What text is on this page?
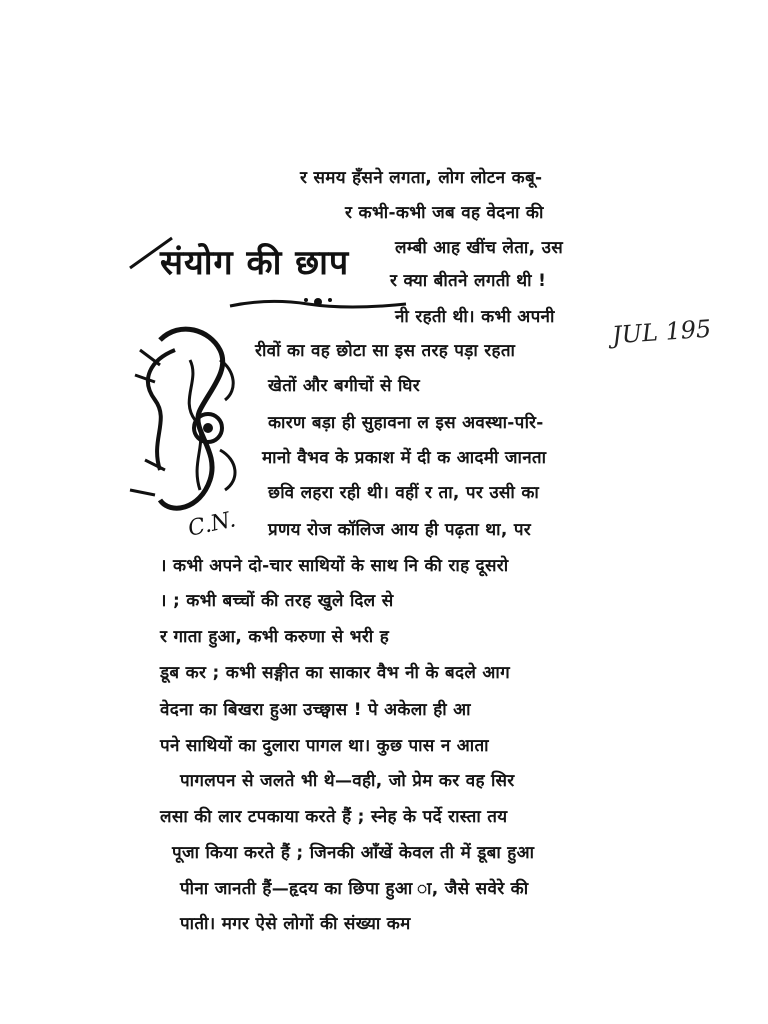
संयोग की छाप
JUL 195
C.N.
र समय हँसने लगता, लोग लोटन कबू-
र कभी-कभी जब वह वेदना की
लम्बी आह खींच लेता, उस
र क्या बीतने लगती थी !
नी रहती थी। कभी अपनी
रीवों का वह छोटा सा इस तरह पड़ा रहता
खेतों और बगीचों से घिर
कारण बड़ा ही सुहावना ल इस अवस्था-परि-
मानो वैभव के प्रकाश में दी क आदमी जानता
छवि लहरा रही थी। वहीं र ता, पर उसी का
प्रणय रोज कॉलिज आय ही पढ़ता था, पर
। कभी अपने दो-चार साथियों के साथ नि की राह दूसरो
। ; कभी बच्चों की तरह खुले दिल से
र गाता हुआ, कभी करुणा से भरी ह
डूब कर ; कभी सङ्गीत का साकार वैभ नी के बदले आग
वेदना का बिखरा हुआ उच्छ्वास ! पे अकेला ही आ
पने साथियों का दुलारा पागल था। कुछ पास न आता
पागलपन से जलते भी थे—वही, जो प्रेम कर वह सिर
लसा की लार टपकाया करते हैं ; स्नेह के पर्दे रास्ता तय
पूजा किया करते हैं ; जिनकी आँखें केवल ती में डूबा हुआ
पीना जानती हैं—हृदय का छिपा हुआ ा, जैसे सवेरे की
पाती। मगर ऐसे लोगों की संख्या कम
